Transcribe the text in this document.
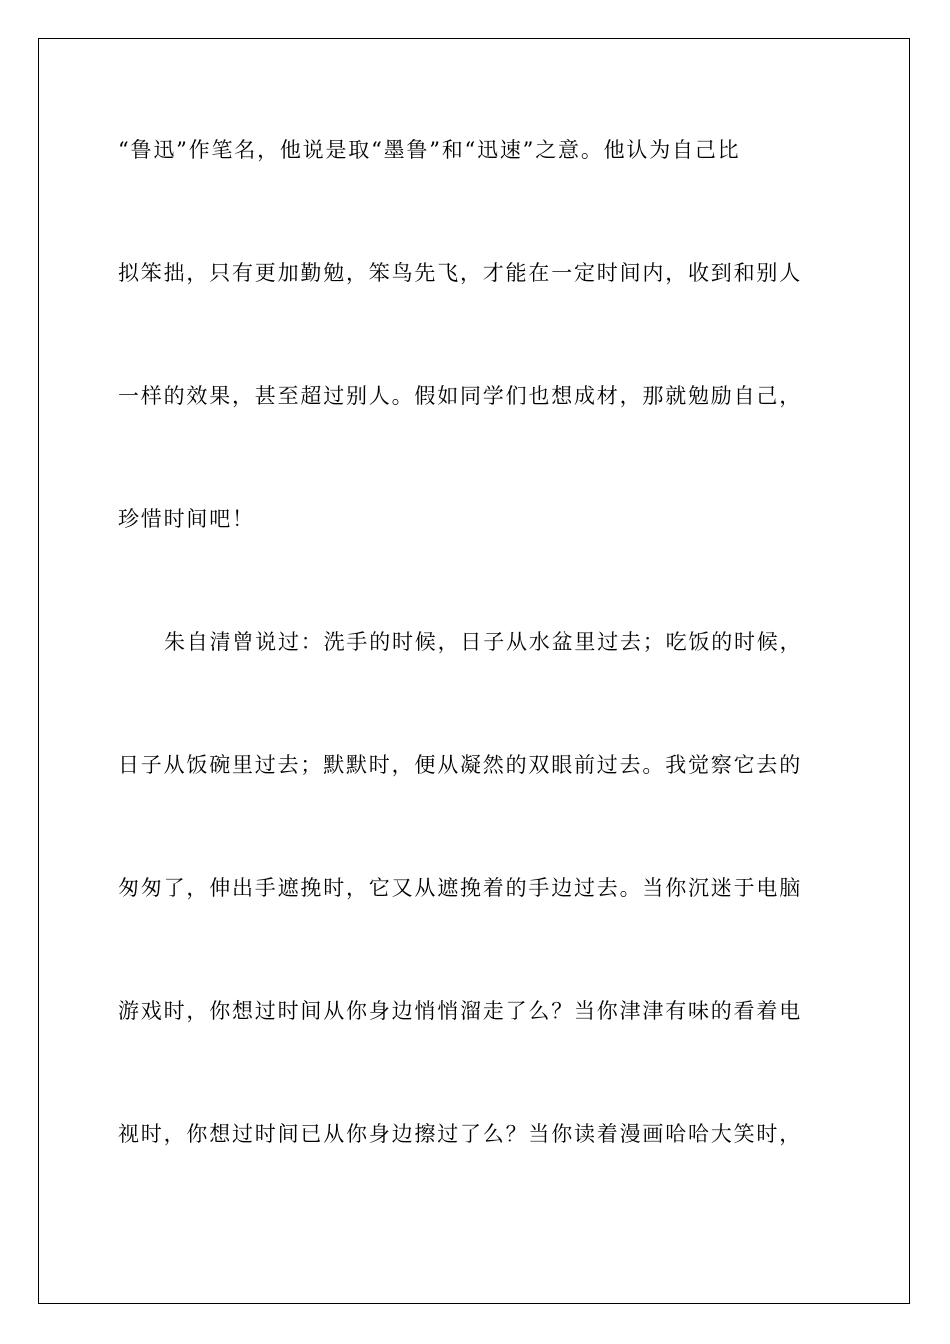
“鲁迅”作笔名，他说是取“墨鲁”和“迅速”之意。他认为自己比
拟笨拙，只有更加勤勉，笨鸟先飞，才能在一定时间内，收到和别人
一样的效果，甚至超过别人。假如同学们也想成材，那就勉励自己，
珍惜时间吧！
朱自清曾说过：洗手的时候，日子从水盆里过去；吃饭的时候，
日子从饭碗里过去；默默时，便从凝然的双眼前过去。我觉察它去的
匆匆了，伸出手遮挽时，它又从遮挽着的手边过去。当你沉迷于电脑
游戏时，你想过时间从你身边悄悄溜走了么？当你津津有味的看着电
视时，你想过时间已从你身边擦过了么？当你读着漫画哈哈大笑时，
